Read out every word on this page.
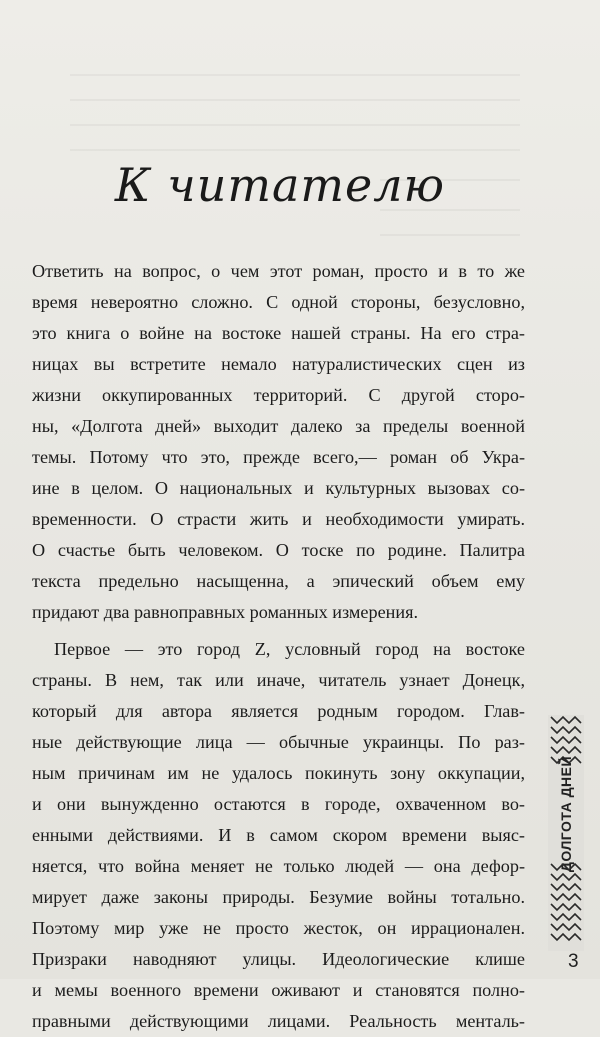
К читателю
Ответить на вопрос, о чем этот роман, просто и в то же
время невероятно сложно. С одной стороны, безусловно,
это книга о войне на востоке нашей страны. На его стра-
ницах вы встретите немало натуралистических сцен из
жизни оккупированных территорий. С другой сторо-
ны, «Долгота дней» выходит далеко за пределы военной
темы. Потому что это, прежде всего,— роман об Укра-
ине в целом. О национальных и культурных вызовах со-
временности. О страсти жить и необходимости умирать.
О счастье быть человеком. О тоске по родине. Палитра
текста предельно насыщенна, а эпический объем ему
придают два равноправных романных измерения.
Первое — это город Z, условный город на востоке
страны. В нем, так или иначе, читатель узнает Донецк,
который для автора является родным городом. Глав-
ные действующие лица — обычные украинцы. По раз-
ным причинам им не удалось покинуть зону оккупации,
и они вынужденно остаются в городе, охваченном во-
енными действиями. И в самом скором времени выяс-
няется, что война меняет не только людей — она дефор-
мирует даже законы природы. Безумие войны тотально.
Поэтому мир уже не просто жесток, он иррационален.
Призраки наводняют улицы. Идеологические клише
и мемы военного времени оживают и становятся полно-
правными действующими лицами. Реальность менталь-
ДОЛГОТА ДНЕЙ
3
